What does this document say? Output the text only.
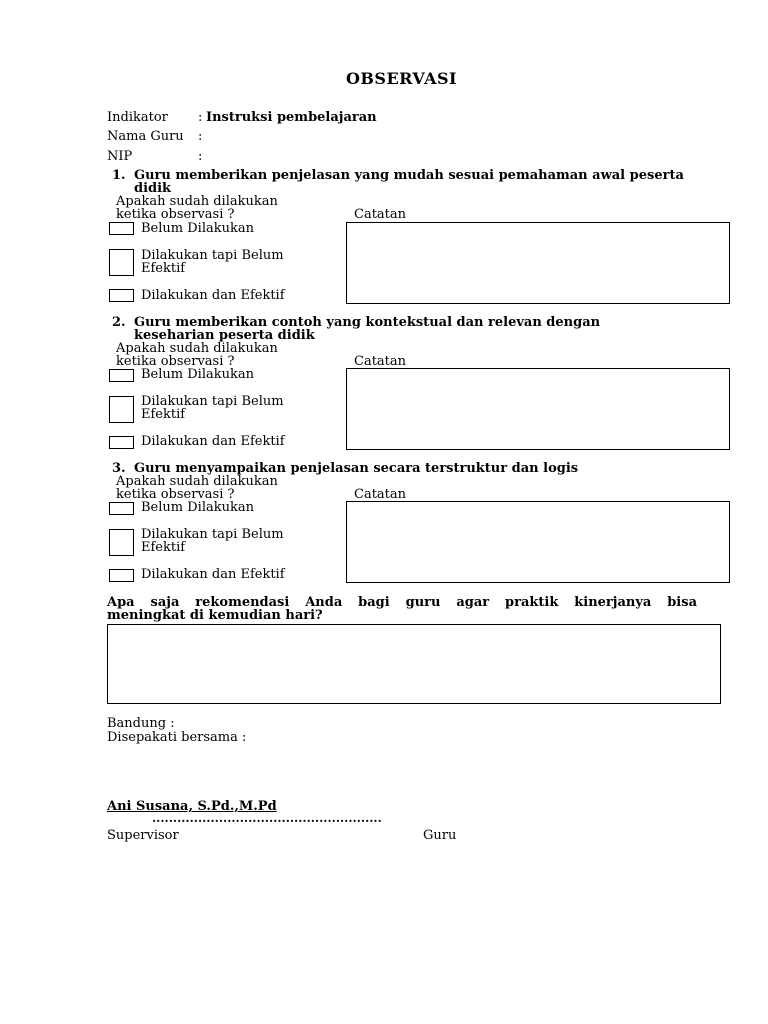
OBSERVASI
Indikator : Instruksi pembelajaran
Nama Guru :
NIP	:
1. Guru memberikan penjelasan yang mudah sesuai pemahaman awal peserta
didik
Apakah sudah dilakukan
ketika observasi ?	Catatan
Belum Dilakukan
Dilakukan tapi Belum
Efektif
Dilakukan dan Efektif
2. Guru memberikan contoh yang kontekstual dan relevan dengan
keseharian peserta didik
Apakah sudah dilakukan
ketika observasi ?	Catatan
Belum Dilakukan
Dilakukan tapi Belum
Efektif
Dilakukan dan Efektif
3. Guru menyampaikan penjelasan secara terstruktur dan logis
Apakah sudah dilakukan
ketika observasi ?	Catatan
Belum Dilakukan
Dilakukan tapi Belum
Efektif
Dilakukan dan Efektif
Apa saja rekomendasi Anda bagi guru agar praktik kinerjanya bisa
meningkat di kemudian hari?
Bandung :
Disepakati bersama :
Ani Susana, S.Pd.,M.Pd
.......................................................
Supervisor	Guru
